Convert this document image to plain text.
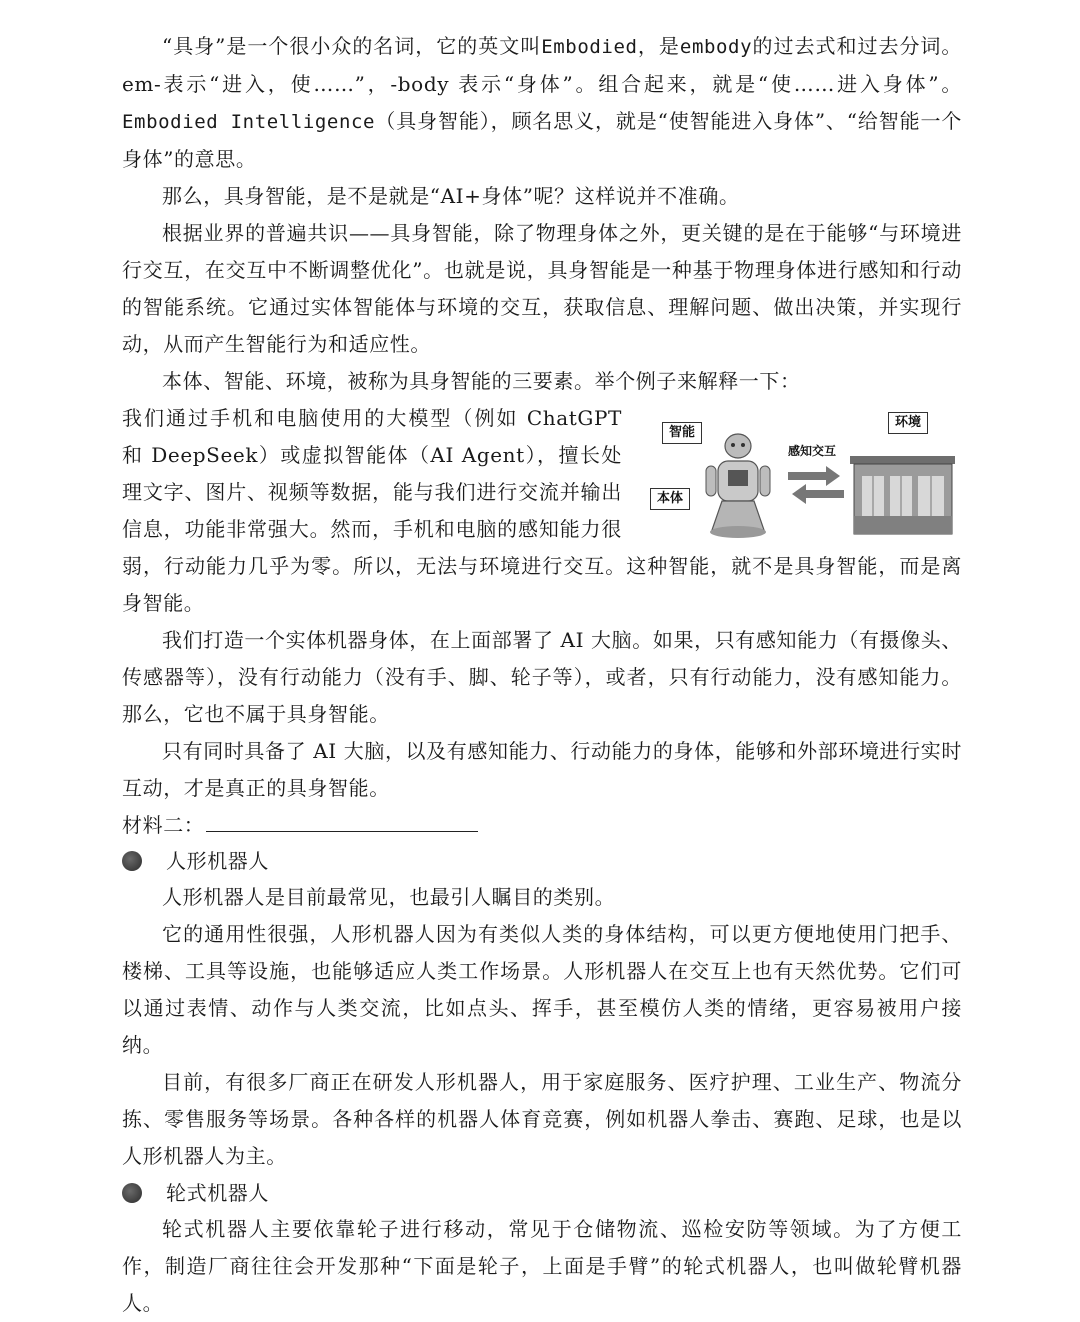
“具身”是一个很小众的名词，它的英文叫Embodied，是embody的过去式和过去分词。 em-表示“进入，使……”，-body 表示“身体”。组合起来，就是“使……进入身体”。 Embodied Intelligence（具身智能），顾名思义，就是“使智能进入身体”、“给智能一个身体”的意思。

那么，具身智能，是不是就是“AI+身体”呢？这样说并不准确。

根据业界的普遍共识——具身智能，除了物理身体之外，更关键的是在于能够“与环境进行交互，在交互中不断调整优化”。也就是说，具身智能是一种基于物理身体进行感知和行动的智能系统。它通过实体智能体与环境的交互，获取信息、理解问题、做出决策，并实现行动，从而产生智能行为和适应性。

本体、智能、环境，被称为具身智能的三要素。举个例子来解释一下：

智能
本体
环境
感知交互

我们通过手机和电脑使用的大模型（例如 ChatGPT 和 DeepSeek）或虚拟智能体（AI Agent），擅长处理文字、图片、视频等数据，能与我们进行交流并输出信息，功能非常强大。然而，手机和电脑的感知能力很弱，行动能力几乎为零。所以，无法与环境进行交互。这种智能，就不是具身智能，而是离身智能。

我们打造一个实体机器身体，在上面部署了 AI 大脑。如果，只有感知能力（有摄像头、传感器等），没有行动能力（没有手、脚、轮子等），或者，只有行动能力，没有感知能力。那么，它也不属于具身智能。

只有同时具备了 AI 大脑，以及有感知能力、行动能力的身体，能够和外部环境进行实时互动，才是真正的具身智能。

材料二：

人形机器人

人形机器人是目前最常见，也最引人瞩目的类别。

它的通用性很强，人形机器人因为有类似人类的身体结构，可以更方便地使用门把手、楼梯、工具等设施，也能够适应人类工作场景。人形机器人在交互上也有天然优势。它们可以通过表情、动作与人类交流，比如点头、挥手，甚至模仿人类的情绪，更容易被用户接纳。

目前，有很多厂商正在研发人形机器人，用于家庭服务、医疗护理、工业生产、物流分拣、零售服务等场景。各种各样的机器人体育竞赛，例如机器人拳击、赛跑、足球，也是以人形机器人为主。

轮式机器人

轮式机器人主要依靠轮子进行移动，常见于仓储物流、巡检安防等领域。为了方便工作，制造厂商往往会开发那种“下面是轮子，上面是手臂”的轮式机器人，也叫做轮臂机器人。
